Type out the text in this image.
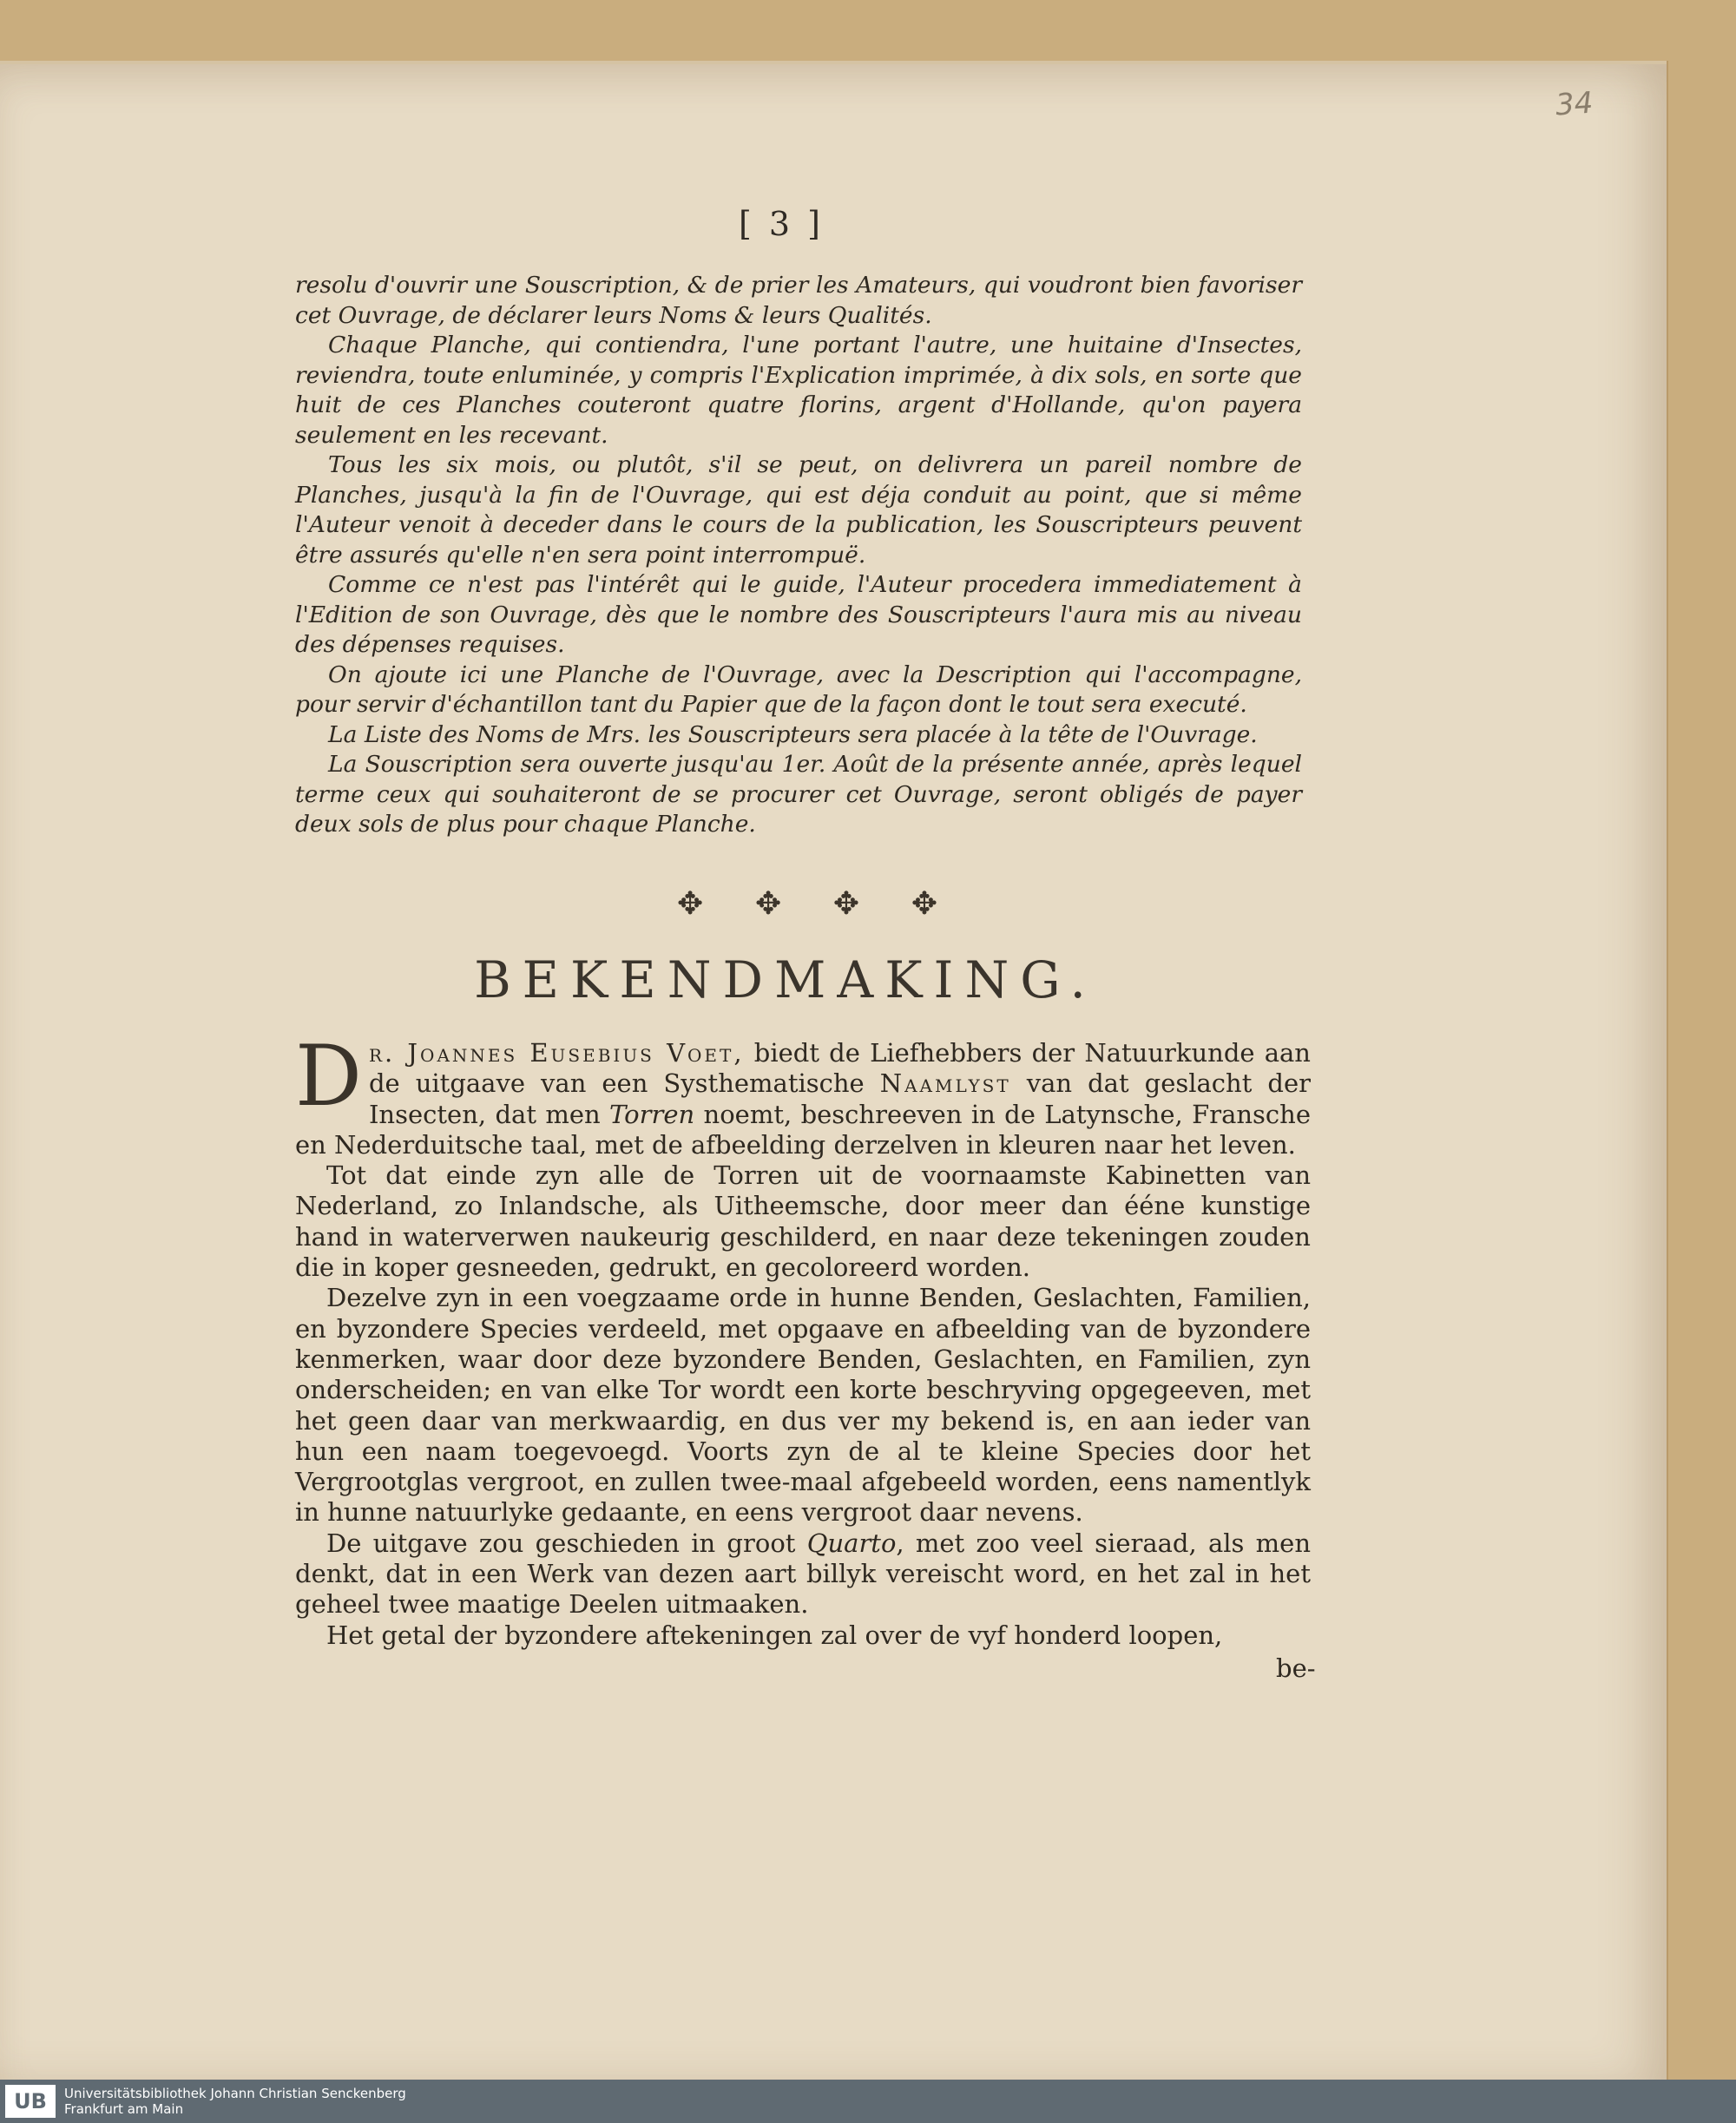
34
[ 3 ]

resolu d'ouvrir une Souscription, & de prier les Amateurs, qui voudront bien favoriser cet Ouvrage, de déclarer leurs Noms & leurs Qualités.

Chaque Planche, qui contiendra, l'une portant l'autre, une huitaine d'Insectes, reviendra, toute enluminée, y compris l'Explication imprimée, à dix sols, en sorte que huit de ces Planches couteront quatre florins, argent d'Hollande, qu'on payera seulement en les recevant.

Tous les six mois, ou plutôt, s'il se peut, on delivrera un pareil nombre de Planches, jusqu'à la fin de l'Ouvrage, qui est déja conduit au point, que si même l'Auteur venoit à deceder dans le cours de la publication, les Souscripteurs peuvent être assurés qu'elle n'en sera point interrompuë.

Comme ce n'est pas l'intérêt qui le guide, l'Auteur procedera immediatement à l'Edition de son Ouvrage, dès que le nombre des Souscripteurs l'aura mis au niveau des dépenses requises.

On ajoute ici une Planche de l'Ouvrage, avec la Description qui l'accompagne, pour servir d'échantillon tant du Papier que de la façon dont le tout sera executé.

La Liste des Noms de Mrs. les Souscripteurs sera placée à la tête de l'Ouvrage.

La Souscription sera ouverte jusqu'au 1er. Août de la présente année, après lequel terme ceux qui souhaiteront de se procurer cet Ouvrage, seront obligés de payer deux sols de plus pour chaque Planche.

✥ ✥ ✥ ✥
BEKENDMAKING.

Dr. Joannes Eusebius Voet, biedt de Liefhebbers der Natuurkunde aan de uitgaave van een Systhematische Naamlyst van dat geslacht der Insecten, dat men Torren noemt, beschreeven in de Latynsche, Fransche en Nederduitsche taal, met de afbeelding derzelven in kleuren naar het leven.

Tot dat einde zyn alle de Torren uit de voornaamste Kabinetten van Nederland, zo Inlandsche, als Uitheemsche, door meer dan ééne kunstige hand in waterverwen naukeurig geschilderd, en naar deze tekeningen zouden die in koper gesneeden, gedrukt, en gecoloreerd worden.

Dezelve zyn in een voegzaame orde in hunne Benden, Geslachten, Familien, en byzondere Species verdeeld, met opgaave en afbeelding van de byzondere kenmerken, waar door deze byzondere Benden, Geslachten, en Familien, zyn onderscheiden; en van elke Tor wordt een korte beschryving opgegeeven, met het geen daar van merkwaardig, en dus ver my bekend is, en aan ieder van hun een naam toegevoegd. Voorts zyn de al te kleine Species door het Vergrootglas vergroot, en zullen twee-maal afgebeeld worden, eens namentlyk in hunne natuurlyke gedaante, en eens vergroot daar nevens.

De uitgave zou geschieden in groot Quarto, met zoo veel sieraad, als men denkt, dat in een Werk van dezen aart billyk vereischt word, en het zal in het geheel twee maatige Deelen uitmaaken.

Het getal der byzondere aftekeningen zal over de vyf honderd loopen,

be-
UB Universitätsbibliothek Johann Christian Senckenberg
Frankfurt am Main
